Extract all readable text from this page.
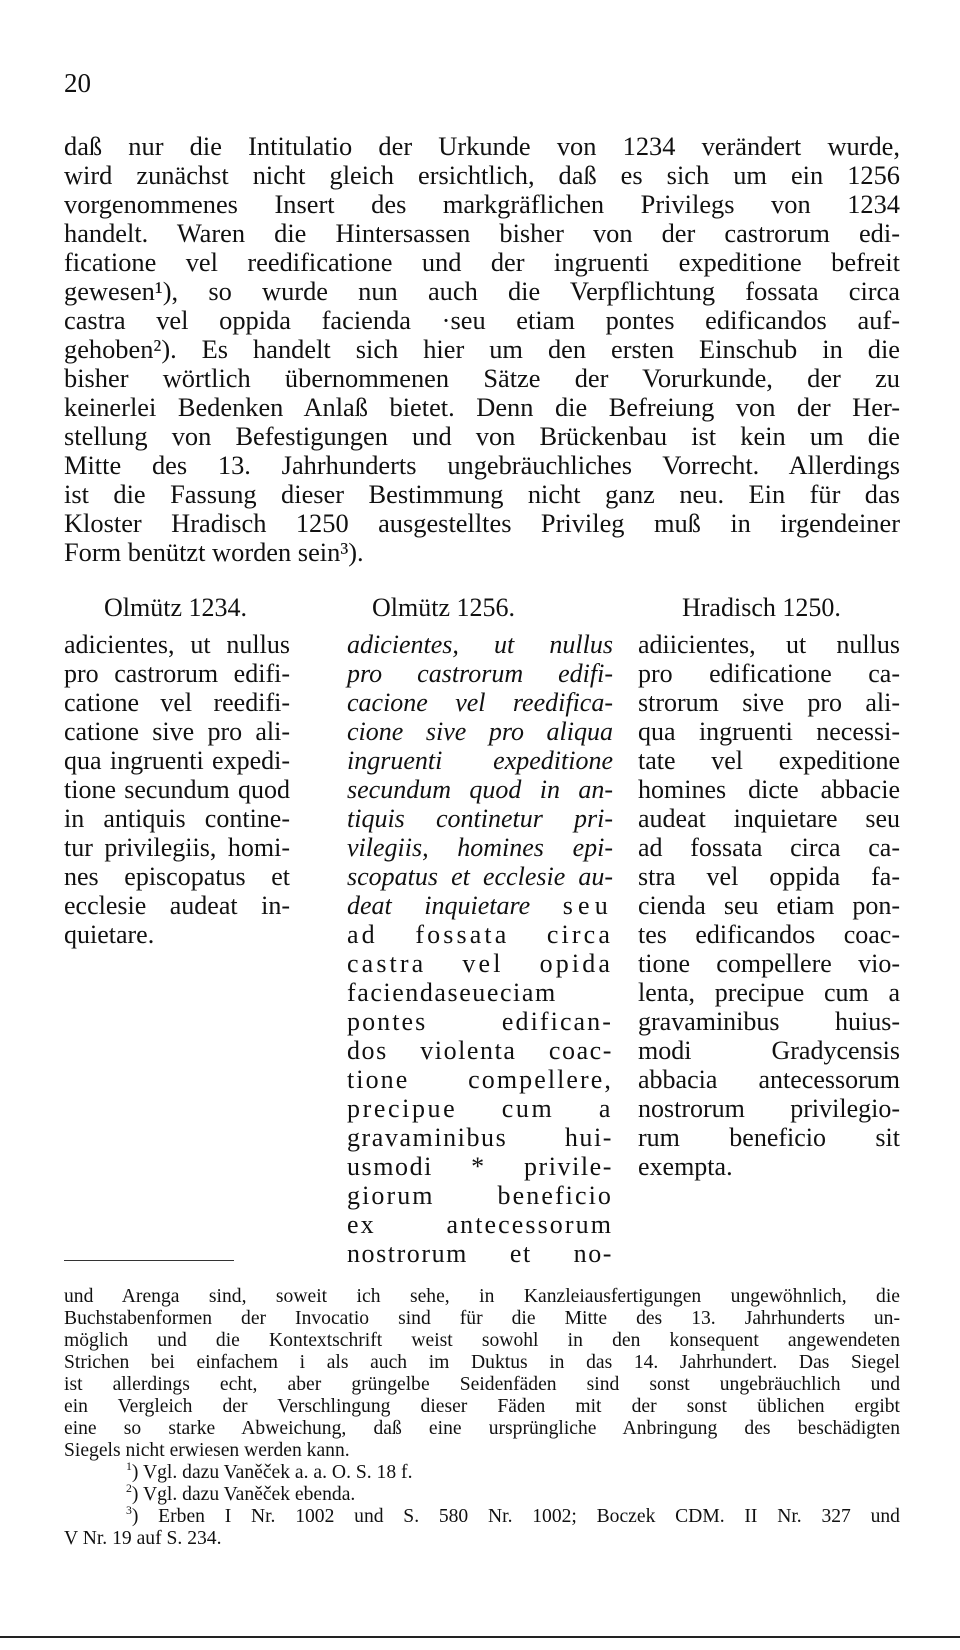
20
daß nur die Intitulatio der Urkunde von 1234 verändert wurde,
wird zunächst nicht gleich ersichtlich, daß es sich um ein 1256
vorgenommenes Insert des markgräflichen Privilegs von 1234
handelt. Waren die Hintersassen bisher von der castrorum edi-
ficatione vel reedificatione und der ingruenti expeditione befreit
gewesen¹), so wurde nun auch die Verpflichtung fossata circa
castra vel oppida facienda ·seu etiam pontes edificandos auf-
gehoben²). Es handelt sich hier um den ersten Einschub in die
bisher wörtlich übernommenen Sätze der Vorurkunde, der zu
keinerlei Bedenken Anlaß bietet. Denn die Befreiung von der Her-
stellung von Befestigungen und von Brückenbau ist kein um die
Mitte des 13. Jahrhunderts ungebräuchliches Vorrecht. Allerdings
ist die Fassung dieser Bestimmung nicht ganz neu. Ein für das
Kloster Hradisch 1250 ausgestelltes Privileg muß in irgendeiner
Form benützt worden sein³).
Olmütz 1234.	Olmütz 1256.	Hradisch 1250.
adicientes, ut nullus
pro castrorum edifi-
catione vel reedifi-
catione sive pro ali-
qua ingruenti expedi-
tione secundum quod
in antiquis contine-
tur privilegiis, homi-
nes episcopatus et
ecclesie audeat in-
quietare.
adicientes, ut nullus
pro castrorum edifi-
cacione vel reedifica-
cione sive pro aliqua
ingruenti expeditione
secundum quod in an-
tiquis continetur pri-
vilegiis, homines epi-
scopatus et ecclesie au-
deat inquietare seu
ad fossata circa
castra vel opida
faciendaseueciam
pontes edifican-
dos violenta coac-
tione compellere,
precipue cum a
gravaminibus hui-
usmodi * privile-
giorum beneficio
ex antecessorum
nostrorum et no-
adiicientes, ut nullus
pro edificatione ca-
strorum sive pro ali-
qua ingruenti necessi-
tate vel expeditione
homines dicte abbacie
audeat inquietare seu
ad fossata circa ca-
stra vel oppida fa-
cienda seu etiam pon-
tes edificandos coac-
tione compellere vio-
lenta, precipue cum a
gravaminibus huius-
modi Gradycensis
abbacia antecessorum
nostrorum privilegio-
rum beneficio sit
exempta.
und Arenga sind, soweit ich sehe, in Kanzleiausfertigungen ungewöhnlich, die
Buchstabenformen der Invocatio sind für die Mitte des 13. Jahrhunderts un-
möglich und die Kontextschrift weist sowohl in den konsequent angewendeten
Strichen bei einfachem i als auch im Duktus in das 14. Jahrhundert. Das Siegel
ist allerdings echt, aber grüngelbe Seidenfäden sind sonst ungebräuchlich und
ein Vergleich der Verschlingung dieser Fäden mit der sonst üblichen ergibt
eine so starke Abweichung, daß eine ursprüngliche Anbringung des beschädigten
Siegels nicht erwiesen werden kann.
$^1$) Vgl. dazu Vaněček a. a. O. S. 18 f.
$^2$) Vgl. dazu Vaněček ebenda.
$^3$) Erben I Nr. 1002 und S. 580 Nr. 1002; Boczek CDM. II Nr. 327 und
V Nr. 19 auf S. 234.
